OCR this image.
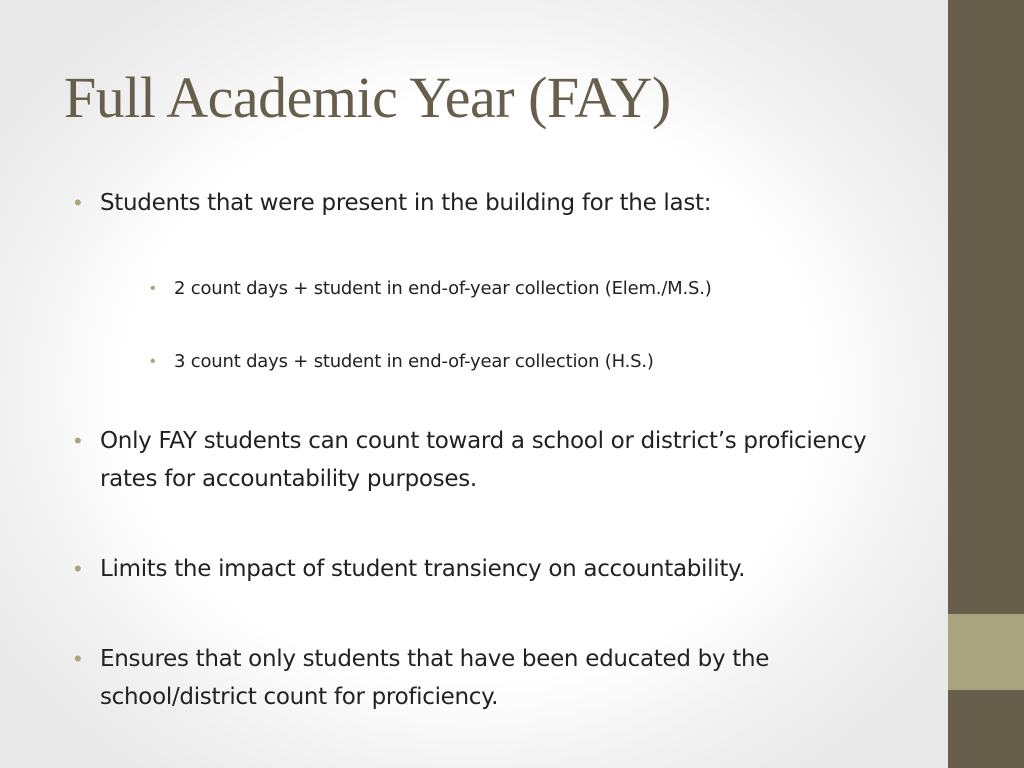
Full Academic Year (FAY)
• Students that were present in the building for the last:
• 2 count days + student in end-of-year collection (Elem./M.S.)
• 3 count days + student in end-of-year collection (H.S.)
• Only FAY students can count toward a school or district’s proficiency rates for accountability purposes.
• Limits the impact of student transiency on accountability.
• Ensures that only students that have been educated by the school/district count for proficiency.
